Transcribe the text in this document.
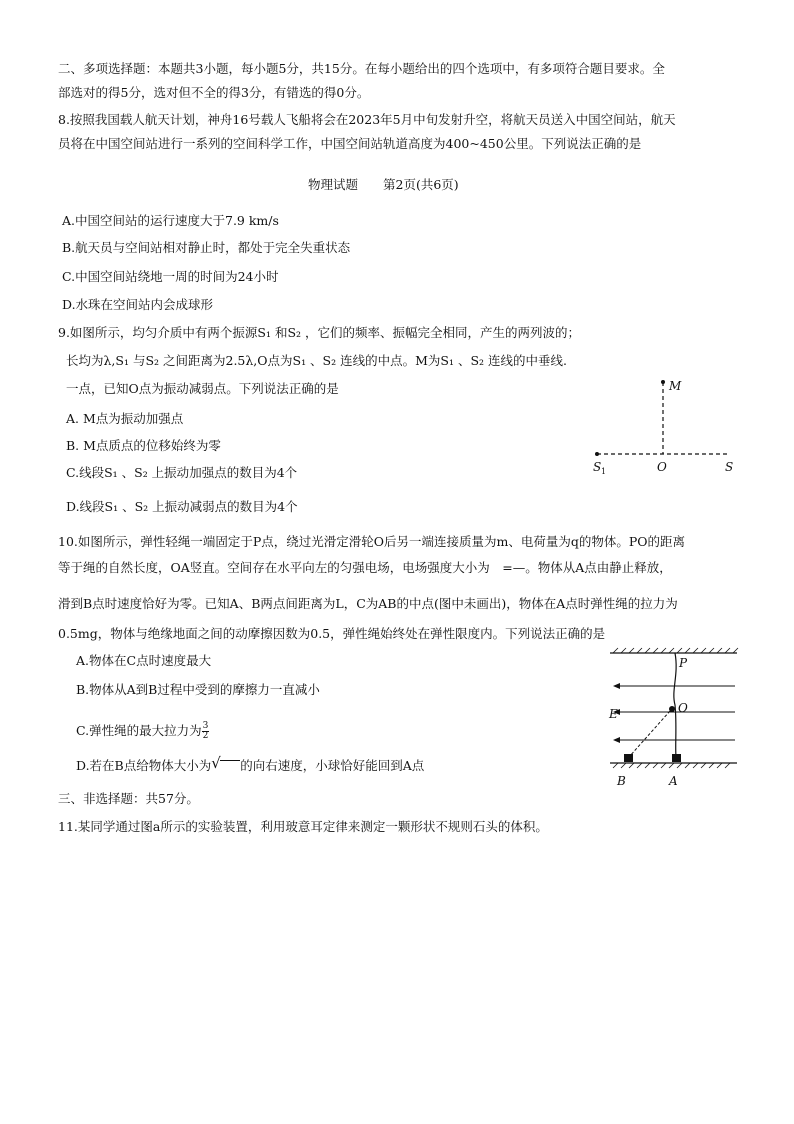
二、多项选择题：本题共3小题，每小题5分，共15分。在每小题给出的四个选项中，有多项符合题目要求。全
部选对的得5分，选对但不全的得3分，有错选的得0分。
8.按照我国载人航天计划，神舟16号载人飞船将会在2023年5月中旬发射升空，将航天员送入中国空间站，航天
员将在中国空间站进行一系列的空间科学工作，中国空间站轨道高度为400~450公里。下列说法正确的是
物理试题　　第2页(共6页)
A.中国空间站的运行速度大于7.9 km/s
B.航天员与空间站相对静止时，都处于完全失重状态
C.中国空间站绕地一周的时间为24小时
D.水珠在空间站内会成球形
9.如图所示，均匀介质中有两个振源S₁ 和S₂ ，它们的频率、振幅完全相同，产生的两列波的；
长均为λ,S₁ 与S₂ 之间距离为2.5λ,O点为S₁ 、S₂ 连线的中点。M为S₁ 、S₂ 连线的中垂线.
一点，已知O点为振动减弱点。下列说法正确的是
A. M点为振动加强点
B. M点质点的位移始终为零
C.线段S₁ 、S₂ 上振动加强点的数目为4个
D.线段S₁ 、S₂ 上振动减弱点的数目为4个
M
S 1	O	S
10.如图所示，弹性轻绳一端固定于P点，绕过光滑定滑轮O后另一端连接质量为m、电荷量为q的物体。PO的距离
等于绳的自然长度，OA竖直。空间存在水平向左的匀强电场，电场强度大小为　=—。物体从A点由静止释放，
滑到B点时速度恰好为零。已知A、B两点间距离为L，C为AB的中点(图中未画出)，物体在A点时弹性绳的拉力为
0.5mg，物体与绝缘地面之间的动摩擦因数为0.5，弹性绳始终处在弹性限度内。下列说法正确的是
A.物体在C点时速度最大
B.物体从A到B过程中受到的摩擦力一直减小
C.弹性绳的最大拉力为 $\frac{3}{2}$
D.若在B点给物体大小为 √ 的向右速度，小球恰好能回到A点
P
E	O
B	A
三、非选择题：共57分。
11.某同学通过图a所示的实验装置，利用玻意耳定律来测定一颗形状不规则石头的体积。
